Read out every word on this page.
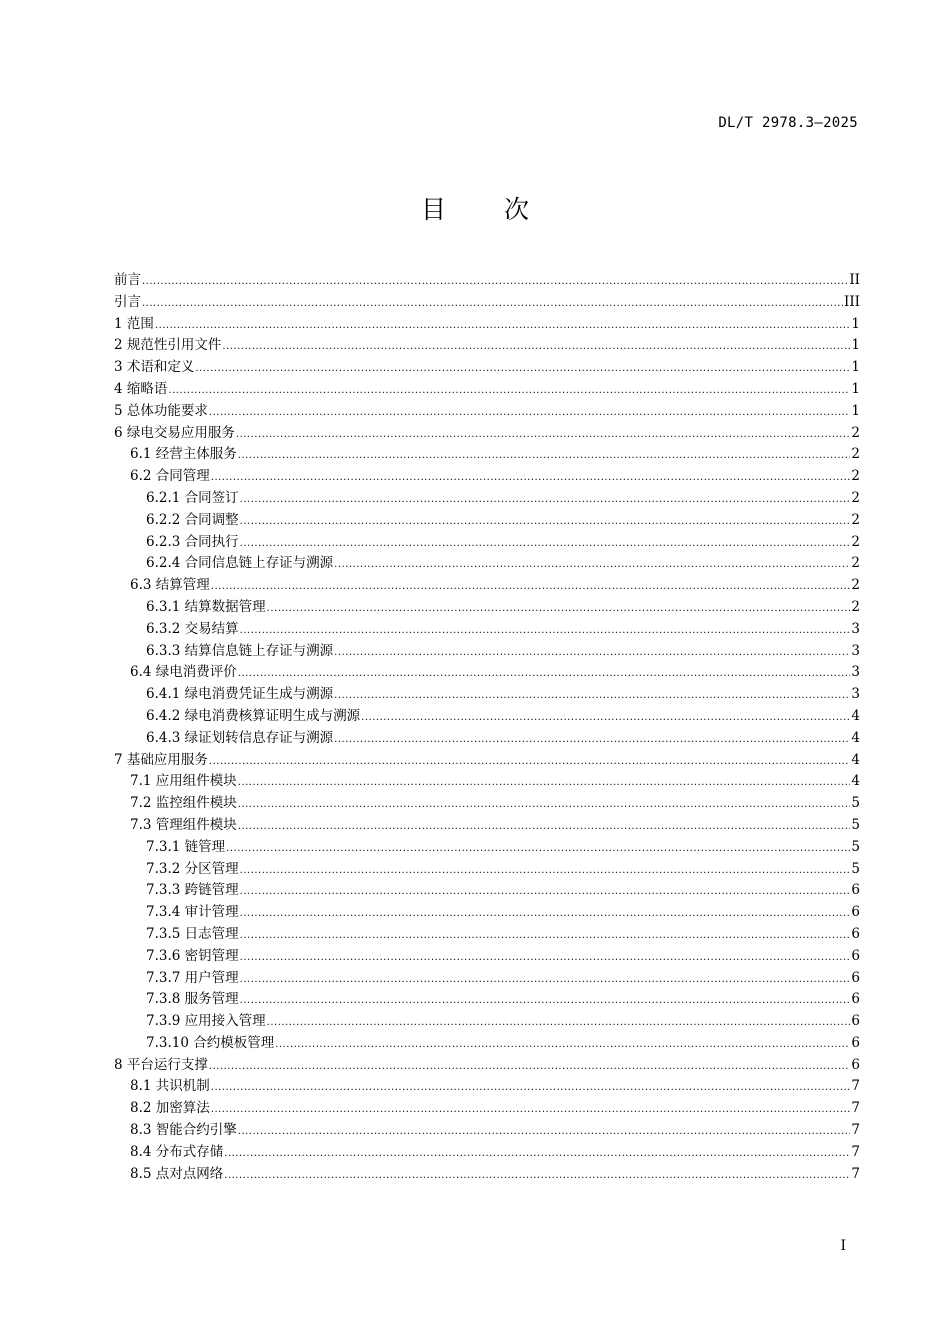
DL/T 2978.3—2025
目 次
前言 .....	II
引言 .....	III
1 范围 .....	1
2 规范性引用文件 .....	1
3 术语和定义 .....	1
4 缩略语 .....	1
5 总体功能要求 .....	1
6 绿电交易应用服务 .....	2
6.1 经营主体服务 .....	2
6.2 合同管理 .....	2
6.2.1 合同签订 .....	2
6.2.2 合同调整 .....	2
6.2.3 合同执行 .....	2
6.2.4 合同信息链上存证与溯源 .....	2
6.3 结算管理 .....	2
6.3.1 结算数据管理 .....	2
6.3.2 交易结算 .....	3
6.3.3 结算信息链上存证与溯源 .....	3
6.4 绿电消费评价 .....	3
6.4.1 绿电消费凭证生成与溯源 .....	3
6.4.2 绿电消费核算证明生成与溯源 .....	4
6.4.3 绿证划转信息存证与溯源 .....	4
7 基础应用服务 .....	4
7.1 应用组件模块 .....	4
7.2 监控组件模块 .....	5
7.3 管理组件模块 .....	5
7.3.1 链管理 .....	5
7.3.2 分区管理 .....	5
7.3.3 跨链管理 .....	6
7.3.4 审计管理 .....	6
7.3.5 日志管理 .....	6
7.3.6 密钥管理 .....	6
7.3.7 用户管理 .....	6
7.3.8 服务管理 .....	6
7.3.9 应用接入管理 .....	6
7.3.10 合约模板管理 .....	6
8 平台运行支撑 .....	6
8.1 共识机制 .....	7
8.2 加密算法 .....	7
8.3 智能合约引擎 .....	7
8.4 分布式存储 .....	7
8.5 点对点网络 .....	7
I
